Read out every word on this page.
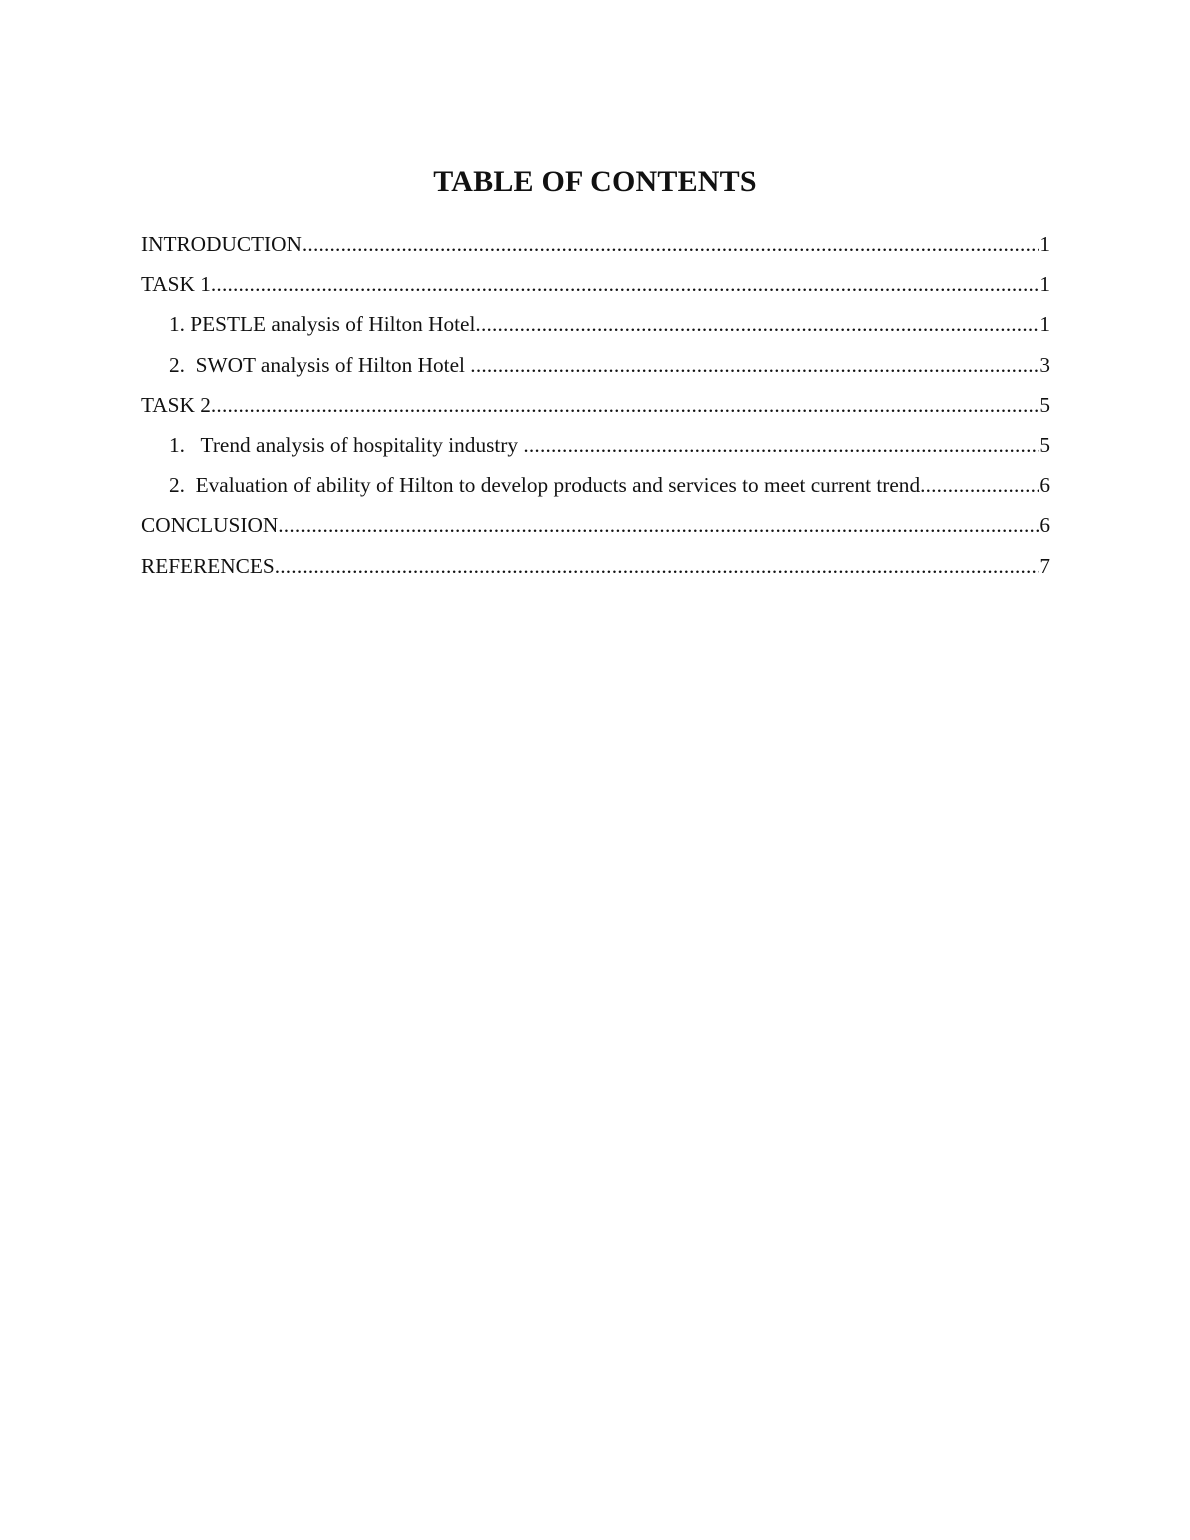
TABLE OF CONTENTS
INTRODUCTION .....	1
TASK 1 .....	1
1. PESTLE analysis of Hilton Hotel .....	1
2.  SWOT analysis of Hilton Hotel .....	3
TASK 2 .....	5
1.   Trend analysis of hospitality industry .....	5
2.  Evaluation of ability of Hilton to develop products and services to meet current trend .....	6
CONCLUSION .....	6
REFERENCES .....	7
